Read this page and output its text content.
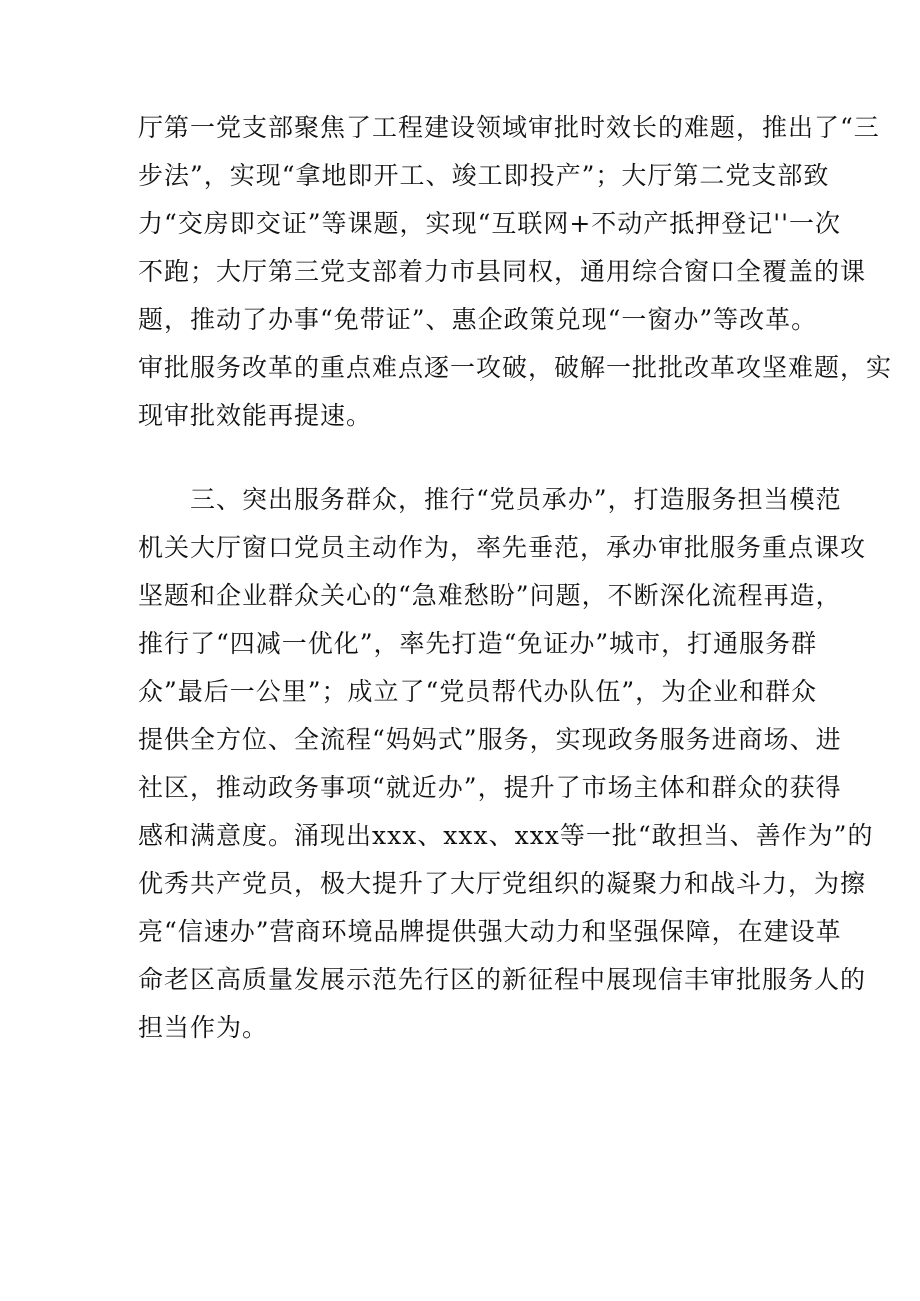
厅第一党支部聚焦了工程建设领域审批时效长的难题，推出了“三
步法”，实现“拿地即开工、竣工即投产”；大厅第二党支部致
力“交房即交证”等课题，实现“互联网+不动产抵押登记''一次
不跑；大厅第三党支部着力市县同权，通用综合窗口全覆盖的课
题，推动了办事“免带证”、惠企政策兑现“一窗办”等改革。
审批服务改革的重点难点逐一攻破，破解一批批改革攻坚难题，实
现审批效能再提速。
三、突出服务群众，推行“党员承办”，打造服务担当模范
机关大厅窗口党员主动作为，率先垂范，承办审批服务重点课攻
坚题和企业群众关心的“急难愁盼”问题，不断深化流程再造，
推行了“四减一优化”，率先打造“免证办”城市，打通服务群
众”最后一公里”；成立了“党员帮代办队伍”，为企业和群众
提供全方位、全流程“妈妈式”服务，实现政务服务进商场、进
社区，推动政务事项“就近办”，提升了市场主体和群众的获得
感和满意度。涌现出xxx、xxx、xxx等一批“敢担当、善作为”的
优秀共产党员，极大提升了大厅党组织的凝聚力和战斗力，为擦
亮“信速办”营商环境品牌提供强大动力和坚强保障，在建设革
命老区高质量发展示范先行区的新征程中展现信丰审批服务人的
担当作为。
